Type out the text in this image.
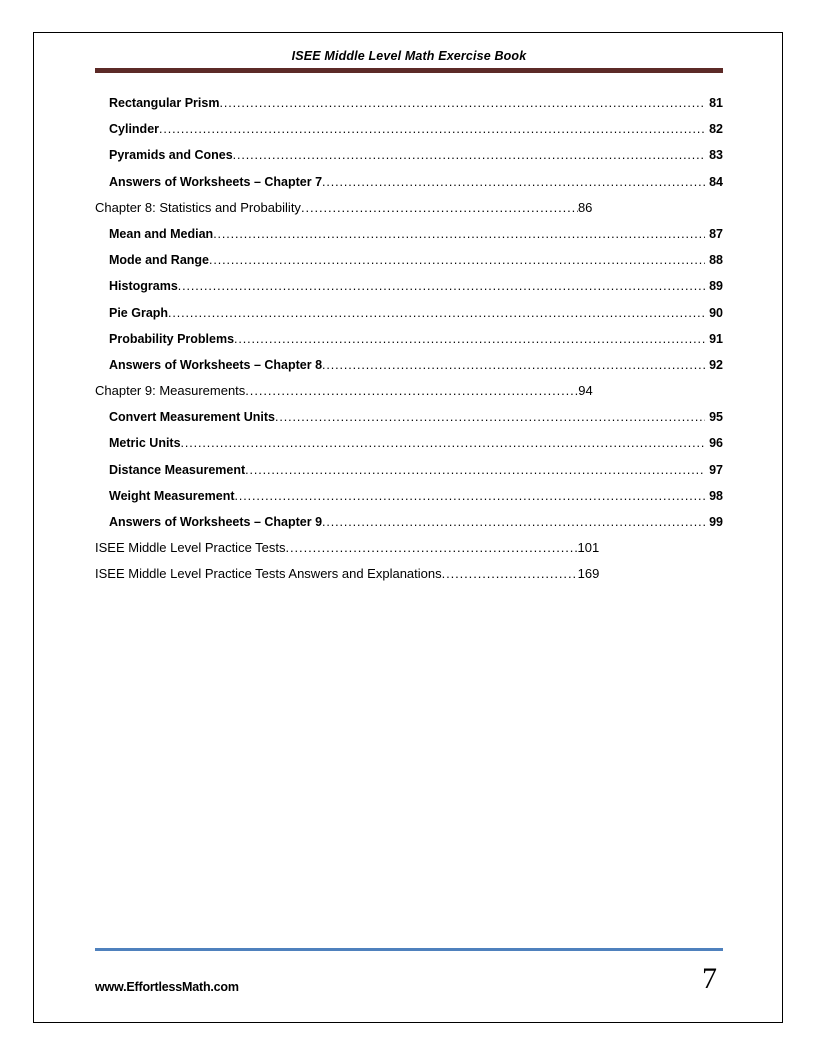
ISEE Middle Level Math Exercise Book
Rectangular Prism .....	81
Cylinder .....	82
Pyramids and Cones .....	83
Answers of Worksheets – Chapter 7 .....	84
Chapter 8: Statistics and Probability .....	86
Mean and Median .....	87
Mode and Range .....	88
Histograms .....	89
Pie Graph .....	90
Probability Problems .....	91
Answers of Worksheets – Chapter 8 .....	92
Chapter 9: Measurements .....	94
Convert Measurement Units .....	95
Metric Units .....	96
Distance Measurement .....	97
Weight Measurement .....	98
Answers of Worksheets – Chapter 9 .....	99
ISEE Middle Level Practice Tests .....	101
ISEE Middle Level Practice Tests Answers and Explanations .....	169
www.EffortlessMath.com	7
